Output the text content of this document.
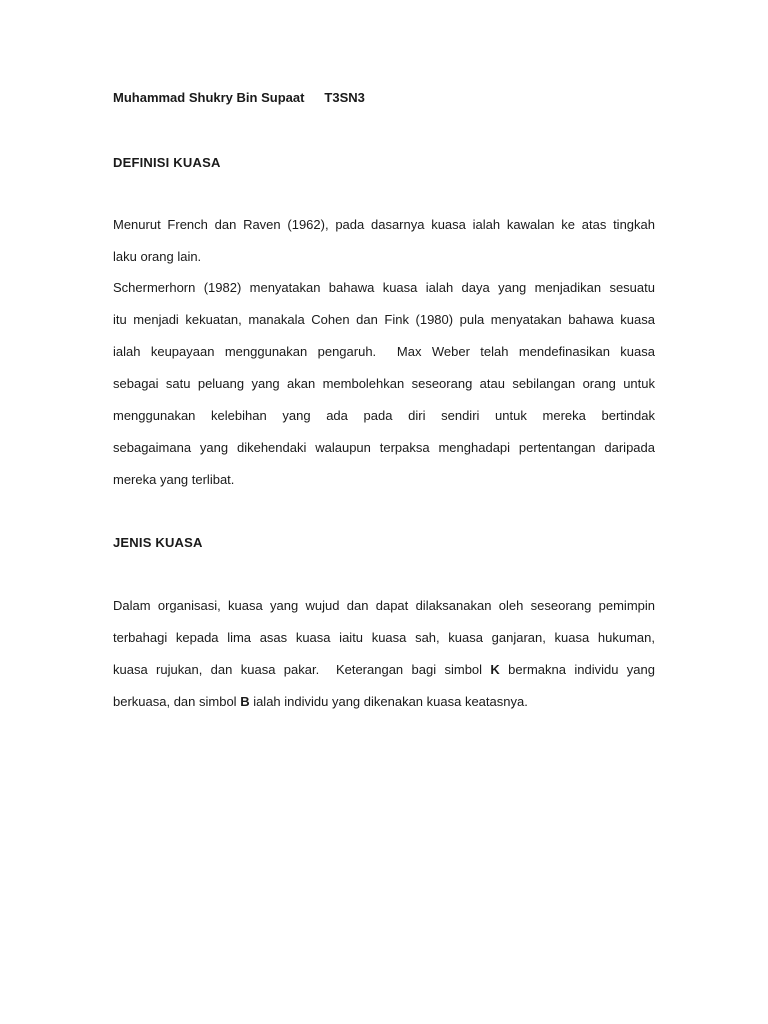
Muhammad Shukry Bin Supaat T3SN3
DEFINISI KUASA
Menurut French dan Raven (1962), pada dasarnya kuasa ialah kawalan ke atas tingkah
laku orang lain.
Schermerhorn (1982) menyatakan bahawa kuasa ialah daya yang menjadikan sesuatu
itu menjadi kekuatan, manakala Cohen dan Fink (1980) pula menyatakan bahawa kuasa
ialah keupayaan menggunakan pengaruh.  Max Weber telah mendefinasikan kuasa
sebagai satu peluang yang akan membolehkan seseorang atau sebilangan orang untuk
menggunakan kelebihan yang ada pada diri sendiri untuk mereka bertindak
sebagaimana yang dikehendaki walaupun terpaksa menghadapi pertentangan daripada
mereka yang terlibat.
JENIS KUASA
Dalam organisasi, kuasa yang wujud dan dapat dilaksanakan oleh seseorang pemimpin
terbahagi kepada lima asas kuasa iaitu kuasa sah, kuasa ganjaran, kuasa hukuman,
kuasa rujukan, dan kuasa pakar.  Keterangan bagi simbol K bermakna individu yang
berkuasa, dan simbol B ialah individu yang dikenakan kuasa keatasnya.
